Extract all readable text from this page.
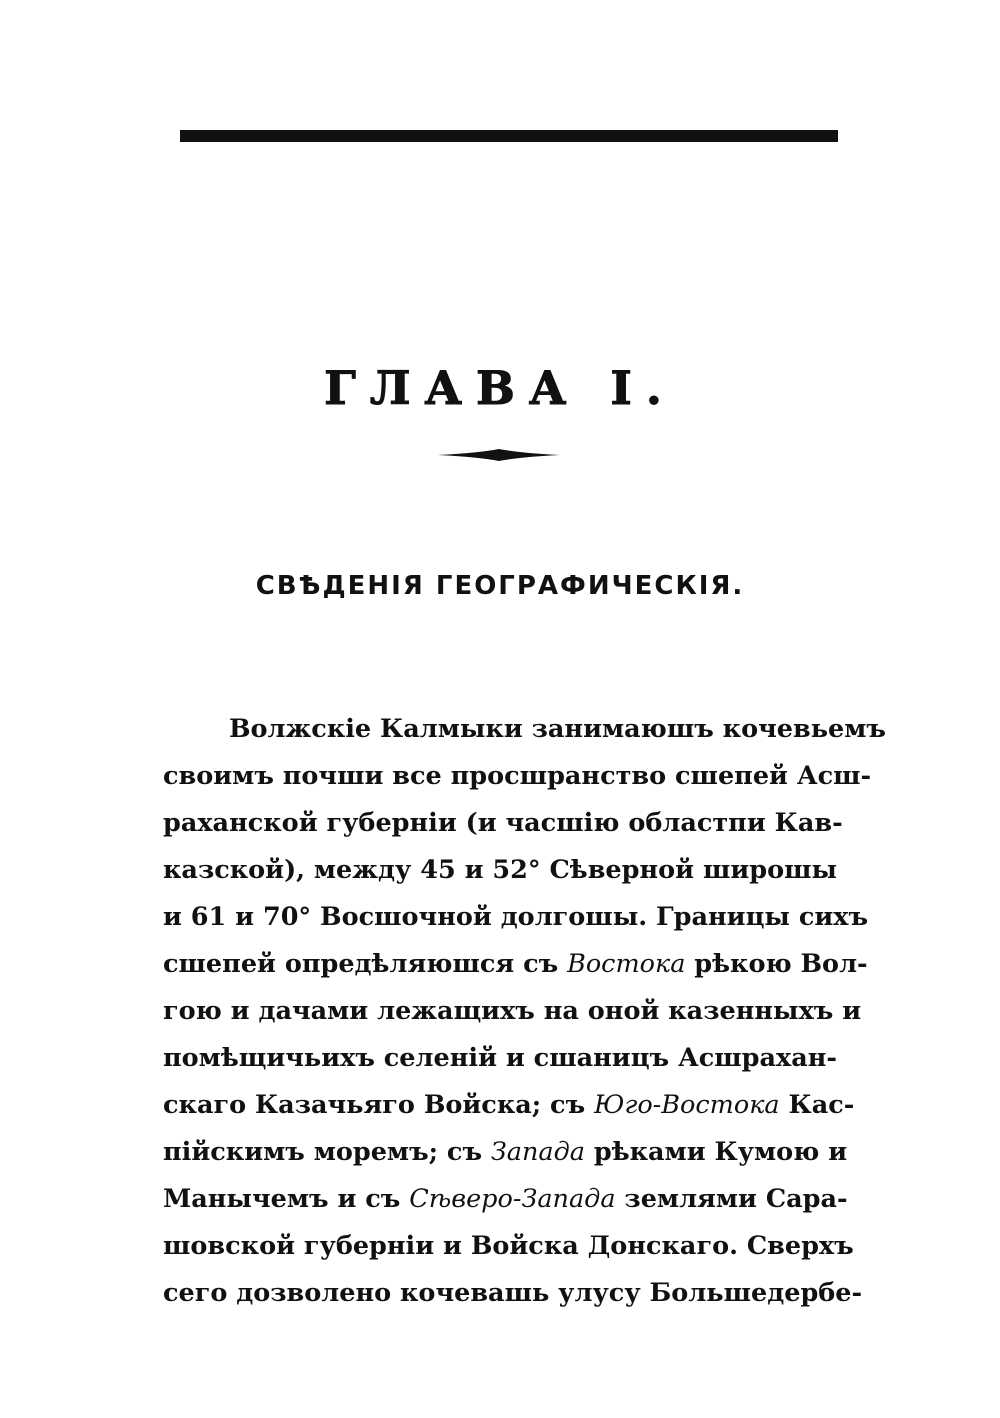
ГЛАВА I.
СВѢДЕНІЯ ГЕОГРАФИЧЕСКІЯ.
Волжскіе Калмыки занимаюшъ кочевьемъ
своимъ почши все просшранство сшепей Асш-
раханской губерніи (и часшію областпи Кав-
казской), между 45 и 52° Сѣверной широшы
и 61 и 70° Восшочной долгошы. Границы сихъ
сшепей опредѣляюшся съ Востока рѣкою Вол-
гою и дачами лежащихъ на оной казенныхъ и
помѣщичьихъ селеній и сшаницъ Асшрахан-
скаго Казачьяго Войска; съ Юго-Востока Кас-
пійскимъ моремъ; съ Запада рѣками Кумою и
Манычемъ и съ Сѣверо-Запада землями Сара-
шовской губерніи и Войска Донскаго. Сверхъ
сего дозволено кочевашь улусу Большедербе-
